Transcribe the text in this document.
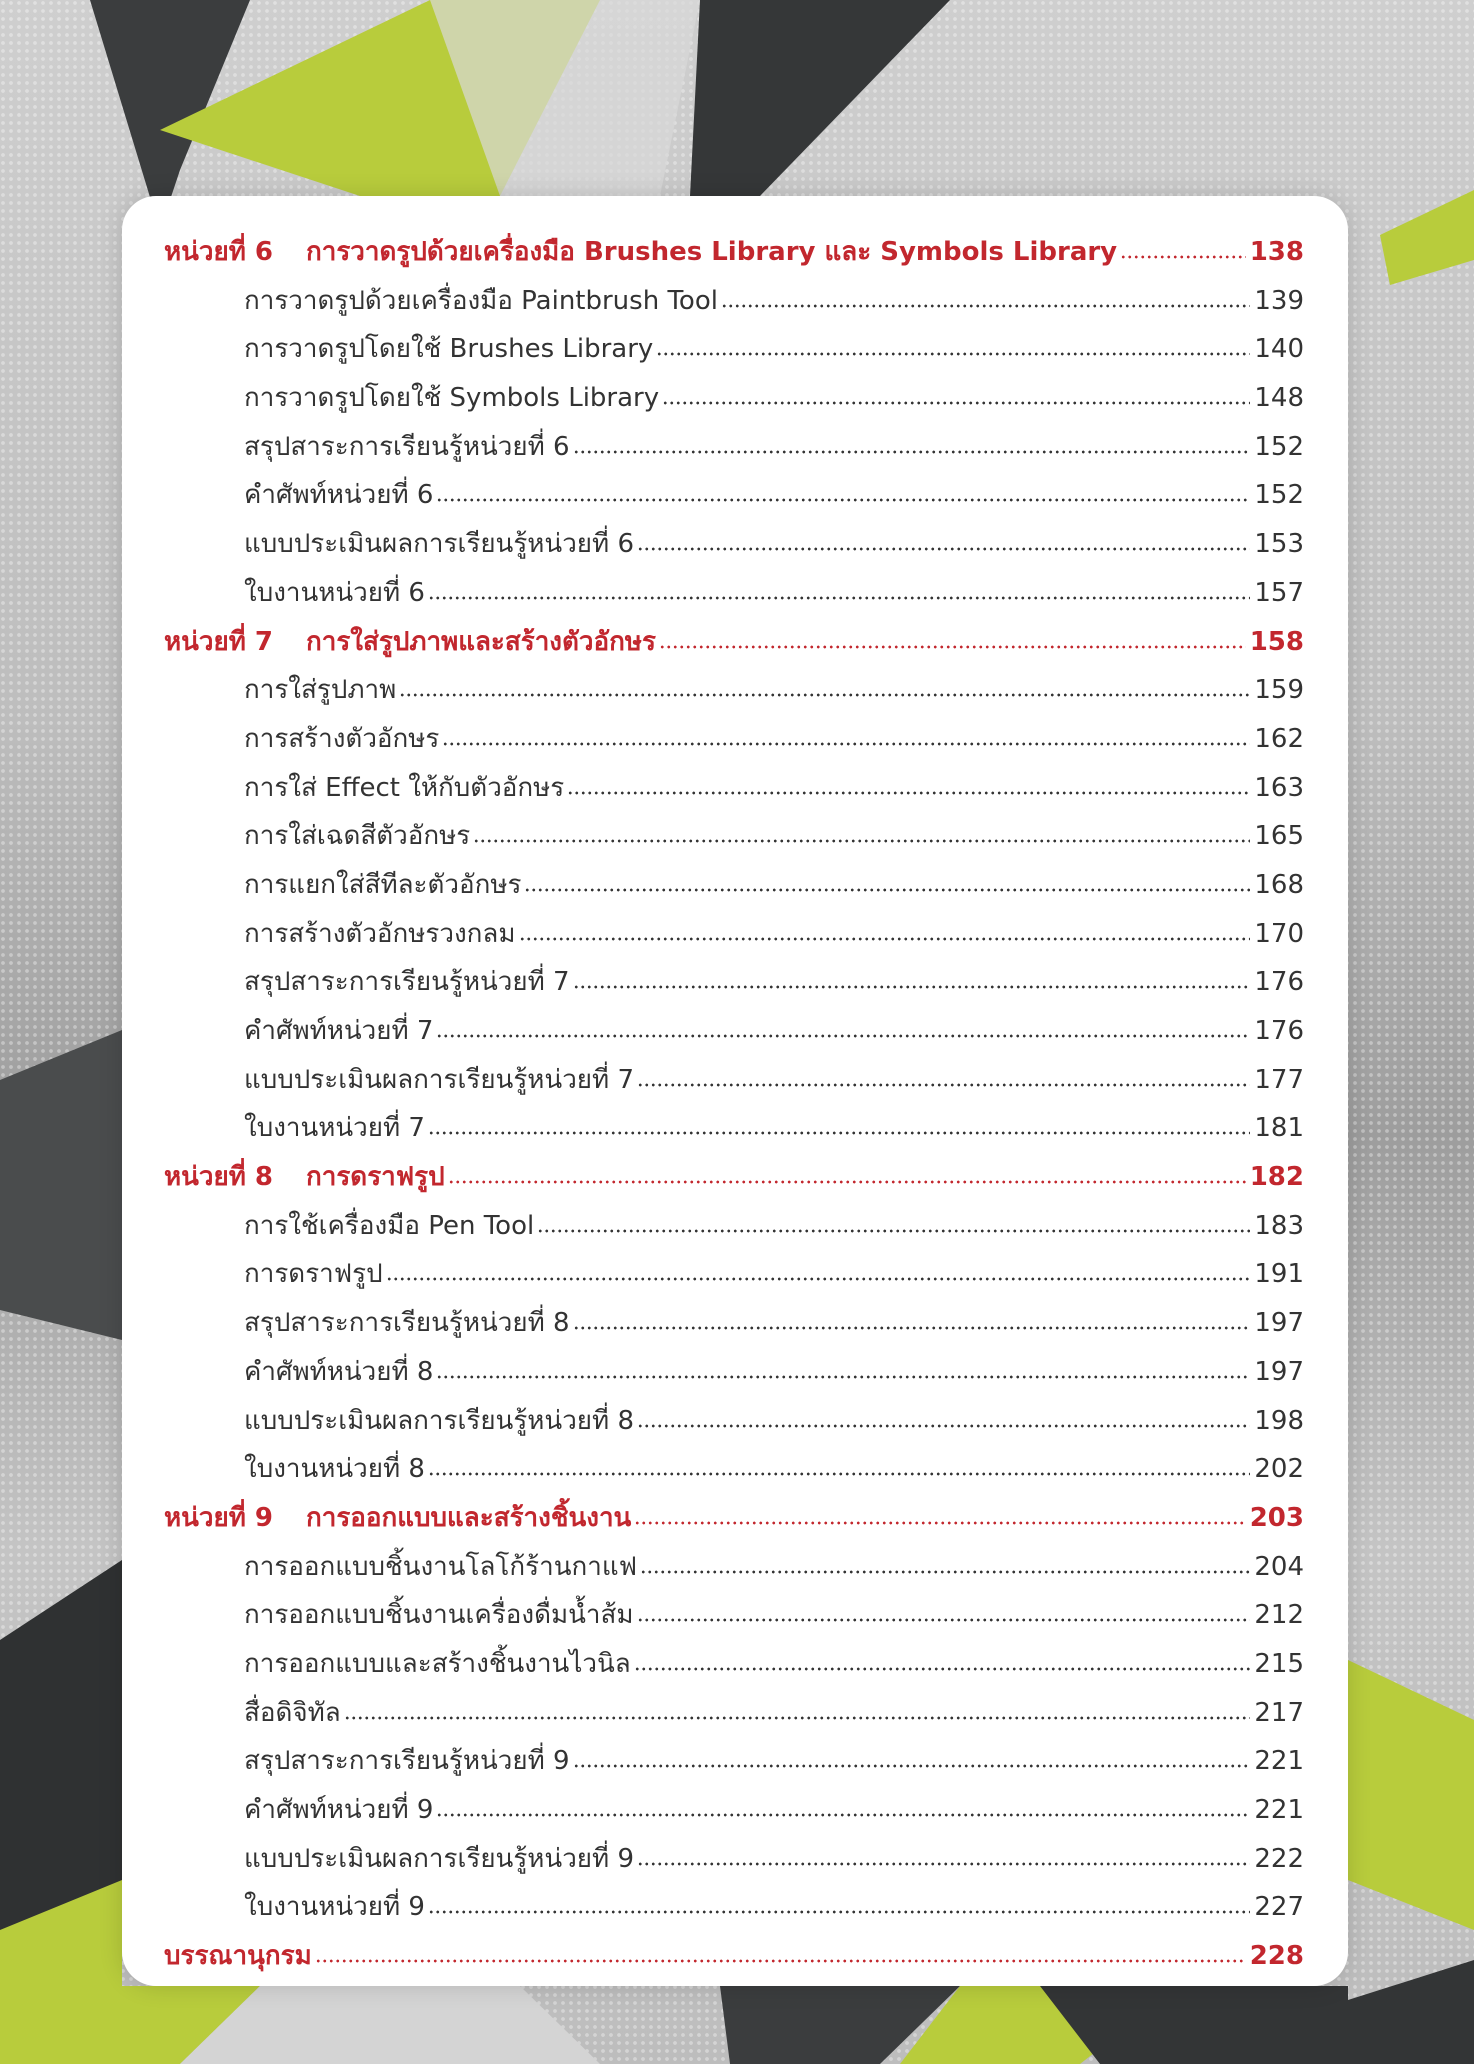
หน่วยที่ 6	การวาดรูปด้วยเครื่องมือ Brushes Library และ Symbols Library	138
การวาดรูปด้วยเครื่องมือ Paintbrush Tool	139
การวาดรูปโดยใช้ Brushes Library	140
การวาดรูปโดยใช้ Symbols Library	148
สรุปสาระการเรียนรู้หน่วยที่ 6	152
คำศัพท์หน่วยที่ 6	152
แบบประเมินผลการเรียนรู้หน่วยที่ 6	153
ใบงานหน่วยที่ 6	157
หน่วยที่ 7	การใส่รูปภาพและสร้างตัวอักษร	158
การใส่รูปภาพ	159
การสร้างตัวอักษร	162
การใส่ Effect ให้กับตัวอักษร	163
การใส่เฉดสีตัวอักษร	165
การแยกใส่สีทีละตัวอักษร	168
การสร้างตัวอักษรวงกลม	170
สรุปสาระการเรียนรู้หน่วยที่ 7	176
คำศัพท์หน่วยที่ 7	176
แบบประเมินผลการเรียนรู้หน่วยที่ 7	177
ใบงานหน่วยที่ 7	181
หน่วยที่ 8	การดราฟรูป	182
การใช้เครื่องมือ Pen Tool	183
การดราฟรูป	191
สรุปสาระการเรียนรู้หน่วยที่ 8	197
คำศัพท์หน่วยที่ 8	197
แบบประเมินผลการเรียนรู้หน่วยที่ 8	198
ใบงานหน่วยที่ 8	202
หน่วยที่ 9	การออกแบบและสร้างชิ้นงาน	203
การออกแบบชิ้นงานโลโก้ร้านกาแฟ	204
การออกแบบชิ้นงานเครื่องดื่มน้ำส้ม	212
การออกแบบและสร้างชิ้นงานไวนิล	215
สื่อดิจิทัล	217
สรุปสาระการเรียนรู้หน่วยที่ 9	221
คำศัพท์หน่วยที่ 9	221
แบบประเมินผลการเรียนรู้หน่วยที่ 9	222
ใบงานหน่วยที่ 9	227
บรรณานุกรม	228
